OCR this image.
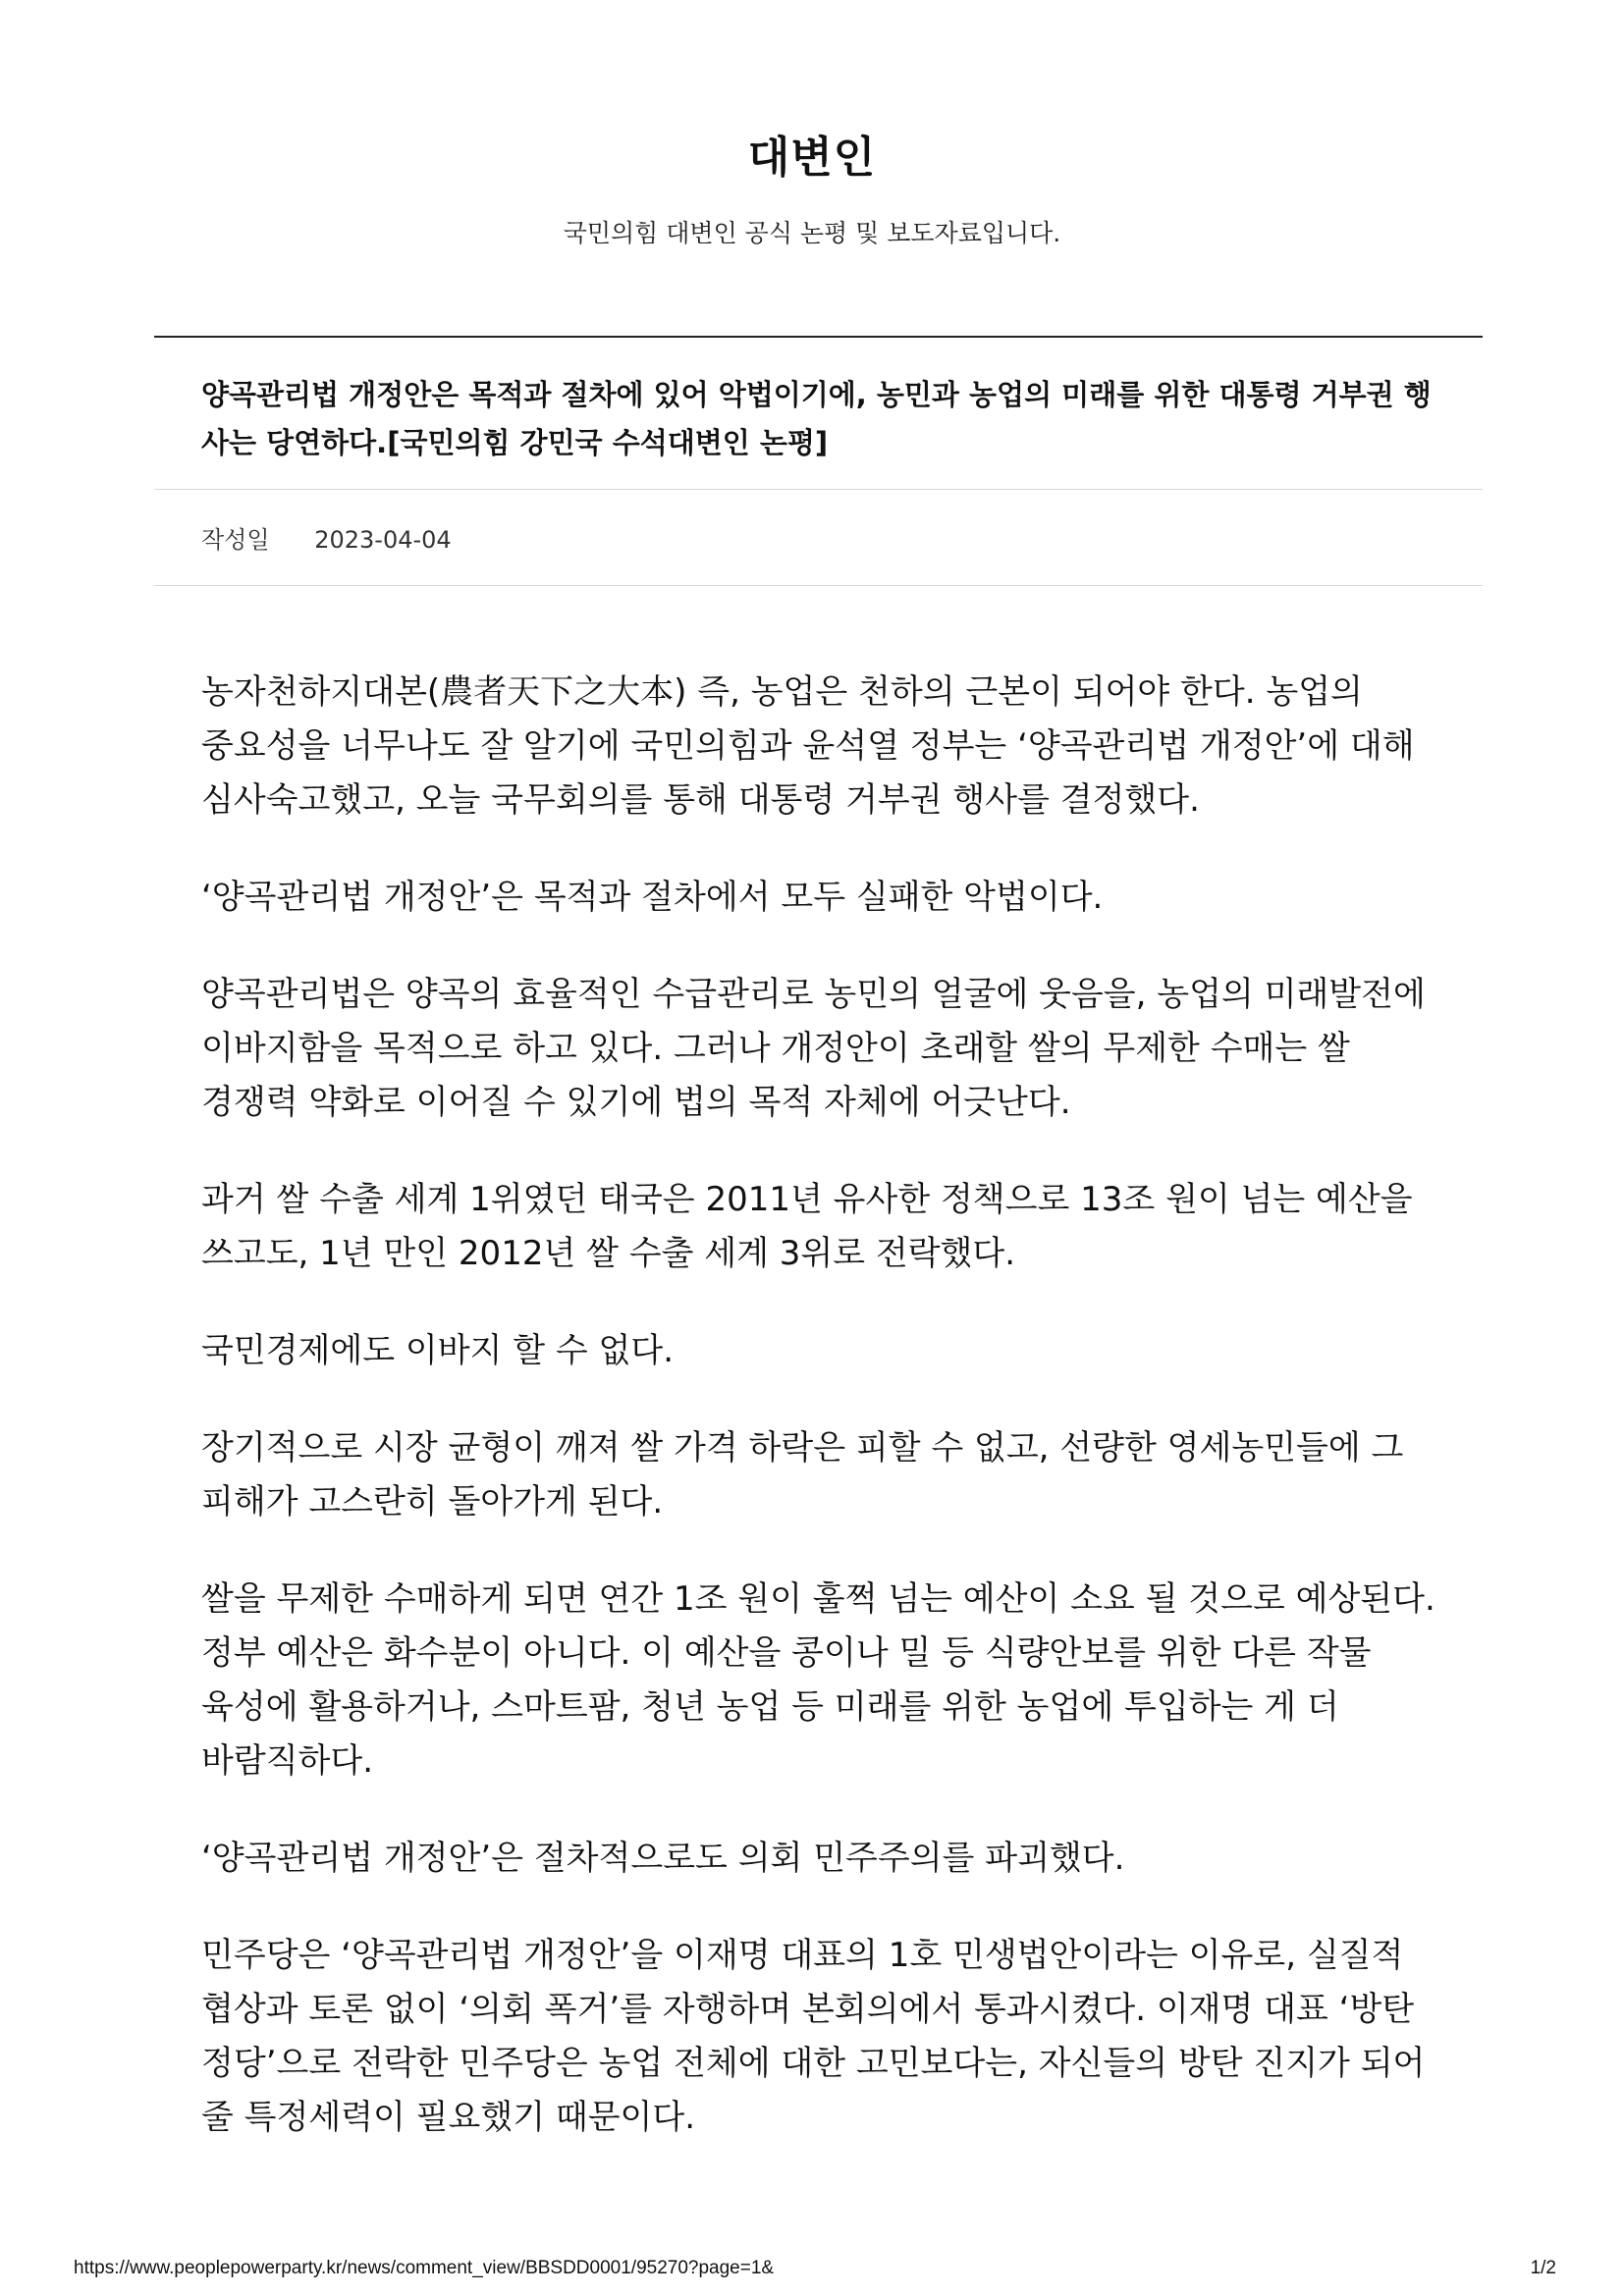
대변인
국민의힘 대변인 공식 논평 및 보도자료입니다.
양곡관리법 개정안은 목적과 절차에 있어 악법이기에, 농민과 농업의 미래를 위한 대통령 거부권 행사는 당연하다.[국민의힘 강민국 수석대변인 논평]
작성일 2023-04-04

농자천하지대본(農者天下之大本) 즉, 농업은 천하의 근본이 되어야 한다. 농업의 중요성을 너무나도 잘 알기에 국민의힘과 윤석열 정부는 ‘양곡관리법 개정안’에 대해 심사숙고했고, 오늘 국무회의를 통해 대통령 거부권 행사를 결정했다.

‘양곡관리법 개정안’은 목적과 절차에서 모두 실패한 악법이다.

양곡관리법은 양곡의 효율적인 수급관리로 농민의 얼굴에 웃음을, 농업의 미래발전에 이바지함을 목적으로 하고 있다. 그러나 개정안이 초래할 쌀의 무제한 수매는 쌀 경쟁력 약화로 이어질 수 있기에 법의 목적 자체에 어긋난다.

과거 쌀 수출 세계 1위였던 태국은 2011년 유사한 정책으로 13조 원이 넘는 예산을 쓰고도, 1년 만인 2012년 쌀 수출 세계 3위로 전락했다.

국민경제에도 이바지 할 수 없다.

장기적으로 시장 균형이 깨져 쌀 가격 하락은 피할 수 없고, 선량한 영세농민들에 그 피해가 고스란히 돌아가게 된다.

쌀을 무제한 수매하게 되면 연간 1조 원이 훌쩍 넘는 예산이 소요 될 것으로 예상된다. 정부 예산은 화수분이 아니다. 이 예산을 콩이나 밀 등 식량안보를 위한 다른 작물 육성에 활용하거나, 스마트팜, 청년 농업 등 미래를 위한 농업에 투입하는 게 더 바람직하다.

‘양곡관리법 개정안’은 절차적으로도 의회 민주주의를 파괴했다.

민주당은 ‘양곡관리법 개정안’을 이재명 대표의 1호 민생법안이라는 이유로, 실질적 협상과 토론 없이 ‘의회 폭거’를 자행하며 본회의에서 통과시켰다. 이재명 대표 ‘방탄 정당’으로 전락한 민주당은 농업 전체에 대한 고민보다는, 자신들의 방탄 진지가 되어 줄 특정세력이 필요했기 때문이다.

https://www.peoplepowerparty.kr/news/comment_view/BBSDD0001/95270?page=1&	1/2
